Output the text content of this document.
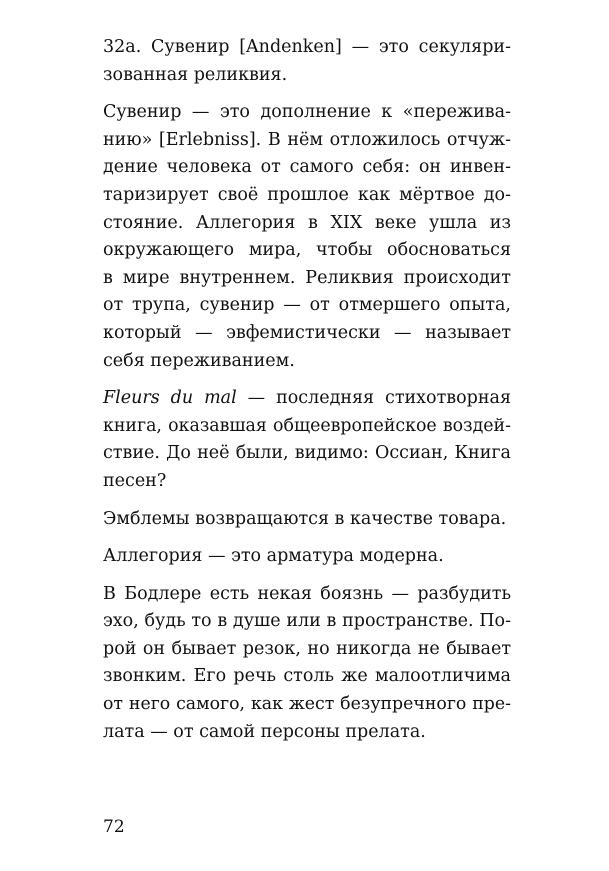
32а. Сувенир [Andenken] — это секуляри-
зованная реликвия.

Сувенир — это дополнение к «пережива-
нию» [Erlebniss]. В нём отложилось отчуж-
дение человека от самого себя: он инвен-
таризирует своё прошлое как мёртвое до-
стояние. Аллегория в XIX веке ушла из
окружающего мира, чтобы обосноваться
в мире внутреннем. Реликвия происходит
от трупа, сувенир — от отмершего опыта,
который — эвфемистически — называет
себя переживанием.

Fleurs du mal — последняя стихотворная
книга, оказавшая общеевропейское воздей-
ствие. До неё были, видимо: Оссиан, Книга
песен?

Эмблемы возвращаются в качестве товара.

Аллегория — это арматура модерна.

В Бодлере есть некая боязнь — разбудить
эхо, будь то в душе или в пространстве. По-
рой он бывает резок, но никогда не бывает
звонким. Его речь столь же малоотличима
от него самого, как жест безупречного пре-
лата — от самой персоны прелата.

72
